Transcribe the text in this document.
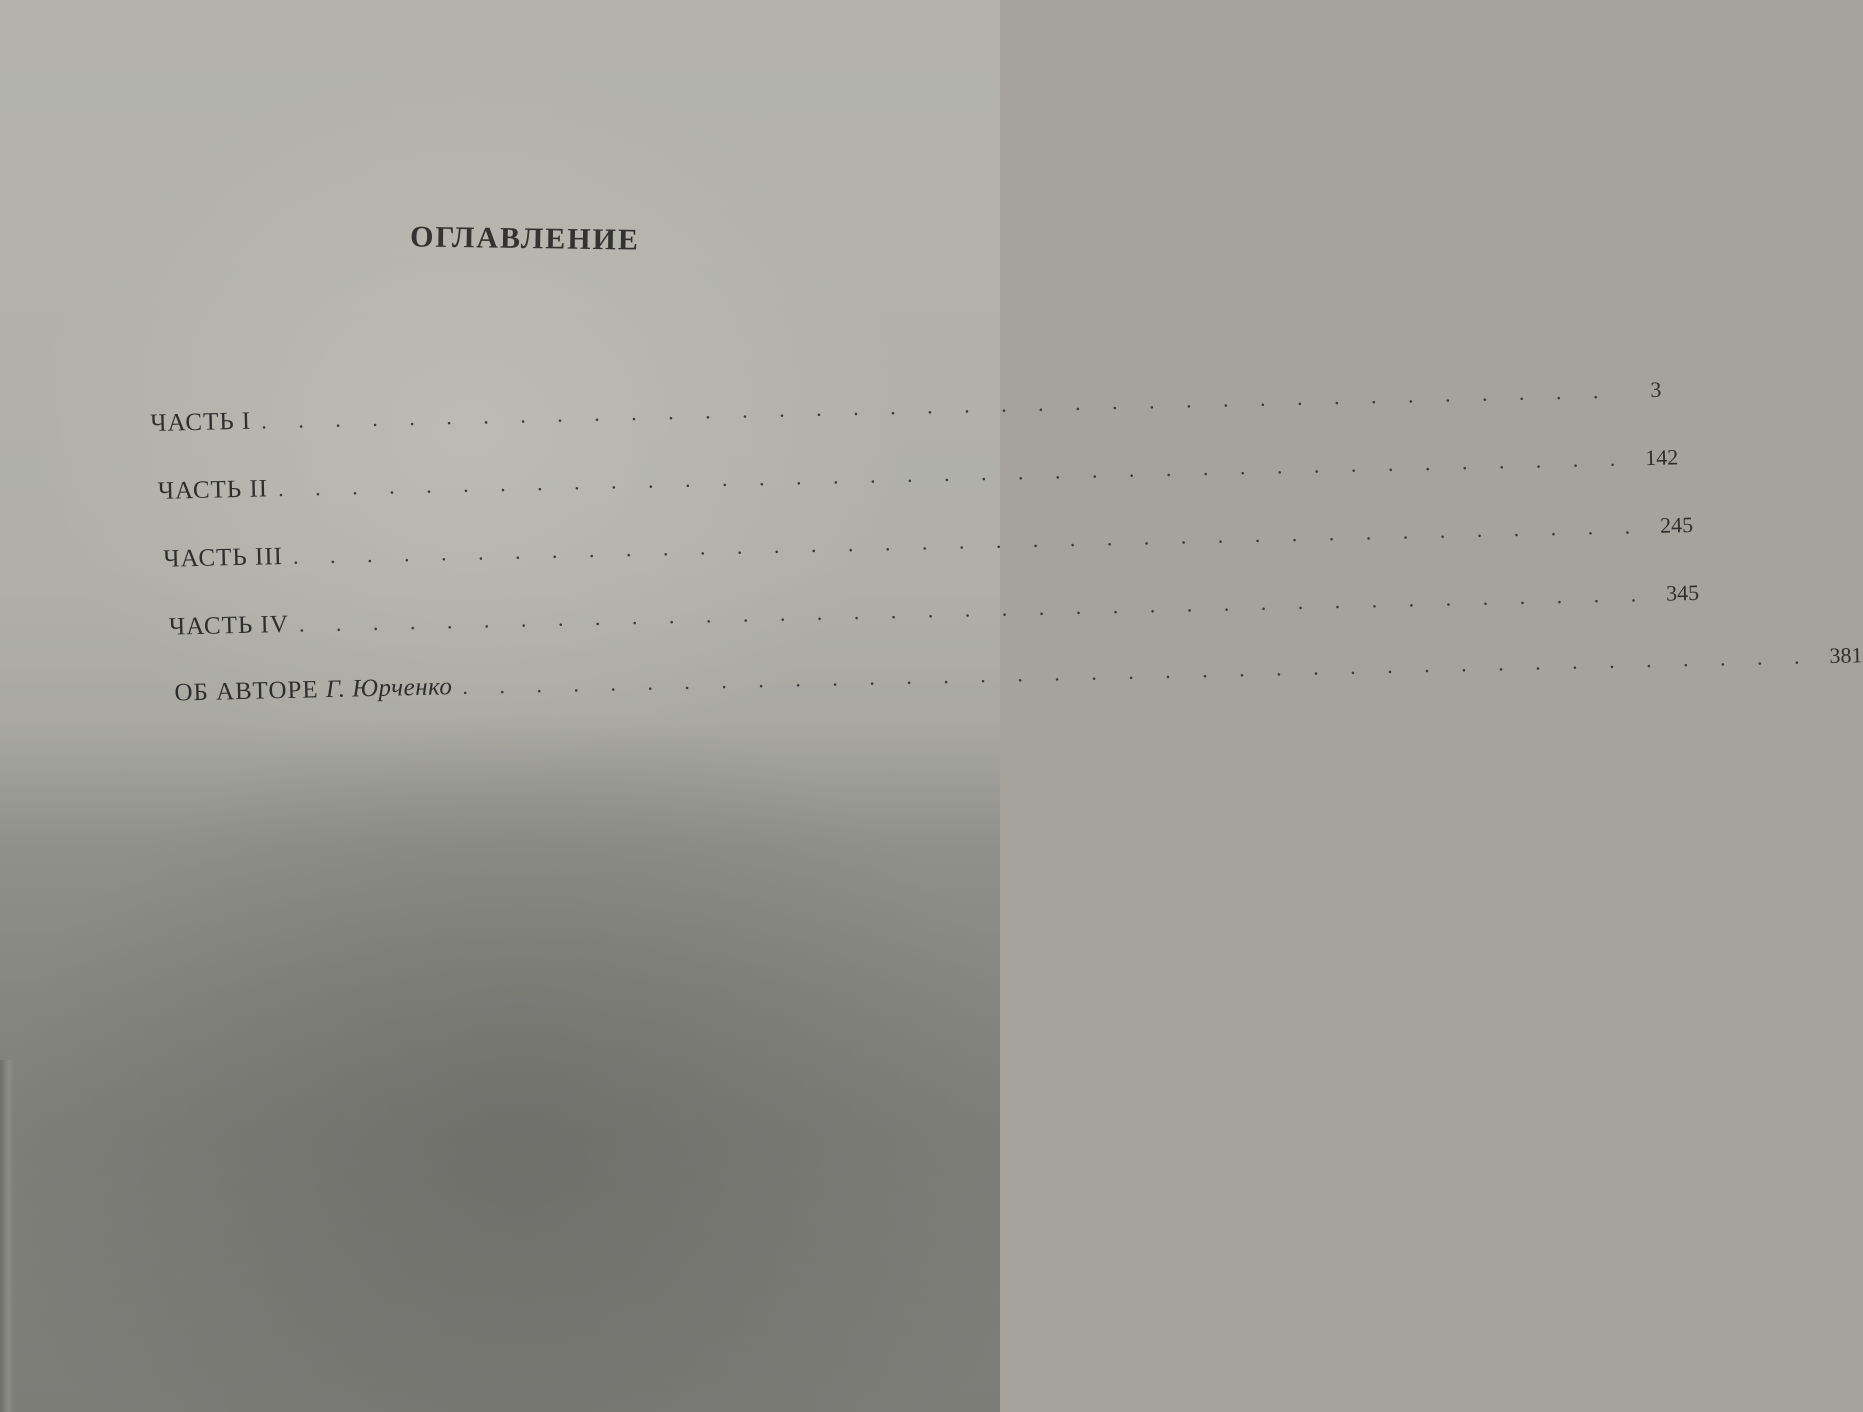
ОГЛАВЛЕНИЕ
ЧАСТЬ I . . . . . . . . . . . . . . . . . . . . . . . . . . . . . . . . . . . . .	3
ЧАСТЬ II . . . . . . . . . . . . . . . . . . . . . . . . . . . . . . . . . . . . . 142
ЧАСТЬ III . . . . . . . . . . . . . . . . . . . . . . . . . . . . . . . . . . . . . 245
ЧАСТЬ IV . . . . . . . . . . . . . . . . . . . . . . . . . . . . . . . . . . . . . 345
ОБ АВТОРЕ Г. Юрченко . . . . . . . . . . . . . . . . . . . . . . . . . . . . . . . . . . . . . 381
